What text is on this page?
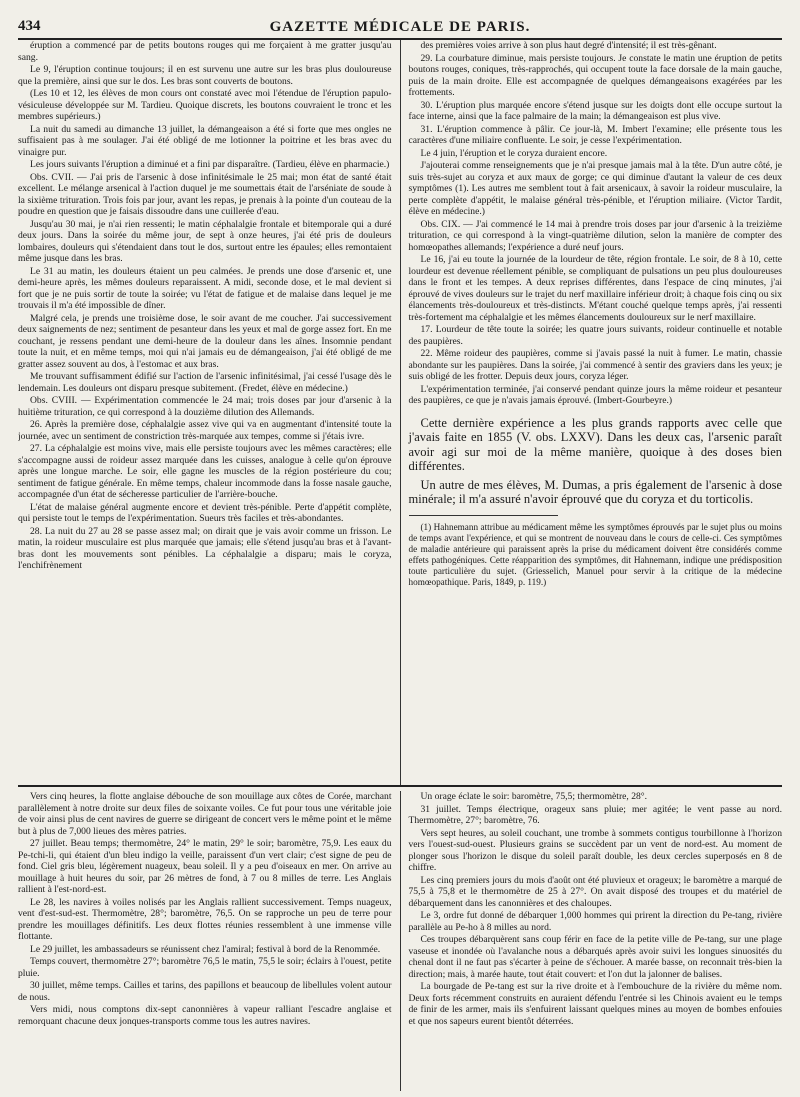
434	GAZETTE MÉDICALE DE PARIS.

éruption a commencé par de petits boutons rouges qui me forçaient à me gratter jusqu'au sang.

Le 9, l'éruption continue toujours; il en est survenu une autre sur les bras plus douloureuse que la première, ainsi que sur le dos. Les bras sont couverts de boutons.

(Les 10 et 12, les élèves de mon cours ont constaté avec moi l'étendue de l'éruption papulo-vésiculeuse développée sur M. Tardieu. Quoique discrets, les boutons couvraient le tronc et les membres supérieurs.)

La nuit du samedi au dimanche 13 juillet, la démangeaison a été si forte que mes ongles ne suffisaient pas à me soulager. J'ai été obligé de me lotionner la poitrine et les bras avec du vinaigre pur.

Les jours suivants l'éruption a diminué et a fini par disparaître. (Tardieu, élève en pharmacie.)

Obs. CVII. — J'ai pris de l'arsenic à dose infinitésimale le 25 mai; mon état de santé était excellent. Le mélange arsenical à l'action duquel je me soumettais était de l'arséniate de soude à la sixième trituration. Trois fois par jour, avant les repas, je prenais à la pointe d'un couteau de la poudre en question que je faisais dissoudre dans une cuillerée d'eau.

Jusqu'au 30 mai, je n'ai rien ressenti; le matin céphalalgie frontale et bitemporale qui a duré deux jours. Dans la soirée du même jour, de sept à onze heures, j'ai été pris de douleurs lombaires, douleurs qui s'étendaient dans tout le dos, surtout entre les épaules; elles remontaient même jusque dans les bras.

Le 31 au matin, les douleurs étaient un peu calmées. Je prends une dose d'arsenic et, une demi-heure après, les mêmes douleurs reparaissent. A midi, seconde dose, et le mal devient si fort que je ne puis sortir de toute la soirée; vu l'état de fatigue et de malaise dans lequel je me trouvais il m'a été impossible de dîner.

Malgré cela, je prends une troisième dose, le soir avant de me coucher. J'ai successivement deux saignements de nez; sentiment de pesanteur dans les yeux et mal de gorge assez fort. En me couchant, je ressens pendant une demi-heure de la douleur dans les aînes. Insomnie pendant toute la nuit, et en même temps, moi qui n'ai jamais eu de démangeaison, j'ai été obligé de me gratter assez souvent au dos, à l'estomac et aux bras.

Me trouvant suffisamment édifié sur l'action de l'arsenic infinitésimal, j'ai cessé l'usage dès le lendemain. Les douleurs ont disparu presque subitement. (Fredet, élève en médecine.)

Obs. CVIII. — Expérimentation commencée le 24 mai; trois doses par jour d'arsenic à la huitième trituration, ce qui correspond à la douzième dilution des Allemands.

26. Après la première dose, céphalalgie assez vive qui va en augmentant d'intensité toute la journée, avec un sentiment de constriction très-marquée aux tempes, comme si j'étais ivre.

27. La céphalalgie est moins vive, mais elle persiste toujours avec les mêmes caractères; elle s'accompagne aussi de roideur assez marquée dans les cuisses, analogue à celle qu'on éprouve après une longue marche. Le soir, elle gagne les muscles de la région postérieure du cou; sentiment de fatigue générale. En même temps, chaleur incommode dans la fosse nasale gauche, accompagnée d'un état de sécheresse particulier de l'arrière-bouche.

L'état de malaise général augmente encore et devient très-pénible. Perte d'appétit complète, qui persiste tout le temps de l'expérimentation. Sueurs très faciles et très-abondantes.

28. La nuit du 27 au 28 se passe assez mal; on dirait que je vais avoir comme un frisson. Le matin, la roideur musculaire est plus marquée que jamais; elle s'étend jusqu'au bras et à l'avant-bras dont les mouvements sont pénibles. La céphalalgie a disparu; mais le coryza, l'enchifrènement

des premières voies arrive à son plus haut degré d'intensité; il est très-gênant.

29. La courbature diminue, mais persiste toujours. Je constate le matin une éruption de petits boutons rouges, coniques, très-rapprochés, qui occupent toute la face dorsale de la main gauche, puis de la main droite. Elle est accompagnée de quelques démangeaisons exagérées par les frottements.

30. L'éruption plus marquée encore s'étend jusque sur les doigts dont elle occupe surtout la face interne, ainsi que la face palmaire de la main; la démangeaison est plus vive.

31. L'éruption commence à pâlir. Ce jour-là, M. Imbert l'examine; elle présente tous les caractères d'une miliaire confluente. Le soir, je cesse l'expérimentation.

Le 4 juin, l'éruption et le coryza duraient encore.

J'ajouterai comme renseignements que je n'ai presque jamais mal à la tête. D'un autre côté, je suis très-sujet au coryza et aux maux de gorge; ce qui diminue d'autant la valeur de ces deux symptômes (1). Les autres me semblent tout à fait arsenicaux, à savoir la roideur musculaire, la perte complète d'appétit, le malaise général très-pénible, et l'éruption miliaire. (Victor Tardit, élève en médecine.)

Obs. CIX. — J'ai commencé le 14 mai à prendre trois doses par jour d'arsenic à la treizième trituration, ce qui correspond à la vingt-quatrième dilution, selon la manière de compter des homœopathes allemands; l'expérience a duré neuf jours.

Le 16, j'ai eu toute la journée de la lourdeur de tête, région frontale. Le soir, de 8 à 10, cette lourdeur est devenue réellement pénible, se compliquant de pulsations un peu plus douloureuses dans le front et les tempes. A deux reprises différentes, dans l'espace de cinq minutes, j'ai éprouvé de vives douleurs sur le trajet du nerf maxillaire inférieur droit; à chaque fois cinq ou six élancements très-douloureux et très-distincts. M'étant couché quelque temps après, j'ai ressenti très-fortement ma céphalalgie et les mêmes élancements douloureux sur le nerf maxillaire.

17. Lourdeur de tête toute la soirée; les quatre jours suivants, roideur continuelle et notable des paupières.

22. Même roideur des paupières, comme si j'avais passé la nuit à fumer. Le matin, chassie abondante sur les paupières. Dans la soirée, j'ai commencé à sentir des graviers dans les yeux; je suis obligé de les frotter. Depuis deux jours, coryza léger.

L'expérimentation terminée, j'ai conservé pendant quinze jours la même roideur et pesanteur des paupières, ce que je n'avais jamais éprouvé. (Imbert-Gourbeyre.)

Cette dernière expérience a les plus grands rapports avec celle que j'avais faite en 1855 (V. obs. LXXV). Dans les deux cas, l'arsenic paraît avoir agi sur moi de la même manière, quoique à des doses bien différentes.

Un autre de mes élèves, M. Dumas, a pris également de l'arsenic à dose minérale; il m'a assuré n'avoir éprouvé que du coryza et du torticolis.

(1) Hahnemann attribue au médicament même les symptômes éprouvés par le sujet plus ou moins de temps avant l'expérience, et qui se montrent de nouveau dans le cours de celle-ci. Ces symptômes de maladie antérieure qui paraissent après la prise du médicament doivent être considérés comme effets pathogéniques. Cette réapparition des symptômes, dit Hahnemann, indique une prédisposition toute particulière du sujet. (Griesselich, Manuel pour servir à la critique de la médecine homœopathique. Paris, 1849, p. 119.)

Vers cinq heures, la flotte anglaise débouche de son mouillage aux côtes de Corée, marchant parallèlement à notre droite sur deux files de soixante voiles. Ce fut pour tous une véritable joie de voir ainsi plus de cent navires de guerre se dirigeant de concert vers le même point et le même but à plus de 7,000 lieues des mères patries.

27 juillet. Beau temps; thermomètre, 24° le matin, 29° le soir; baromètre, 75,9. Les eaux du Pe-tchi-li, qui étaient d'un bleu indigo la veille, paraissent d'un vert clair; c'est signe de peu de fond. Ciel gris bleu, légèrement nuageux, beau soleil. Il y a peu d'oiseaux en mer. On arrive au mouillage à huit heures du soir, par 26 mètres de fond, à 7 ou 8 milles de terre. Les Anglais rallient à l'est-nord-est.

Le 28, les navires à voiles nolisés par les Anglais rallient successivement. Temps nuageux, vent d'est-sud-est. Thermomètre, 28°; baromètre, 76,5. On se rapproche un peu de terre pour prendre les mouillages définitifs. Les deux flottes réunies ressemblent à une immense ville flottante.

Le 29 juillet, les ambassadeurs se réunissent chez l'amiral; festival à bord de la Renommée.

Temps couvert, thermomètre 27°; baromètre 76,5 le matin, 75,5 le soir; éclairs à l'ouest, petite pluie.

30 juillet, même temps. Cailles et tarins, des papillons et beaucoup de libellules volent autour de nous.

Vers midi, nous comptons dix-sept canonnières à vapeur ralliant l'escadre anglaise et remorquant chacune deux jonques-transports comme tous les autres navires.

Un orage éclate le soir: baromètre, 75,5; thermomètre, 28°.

31 juillet. Temps électrique, orageux sans pluie; mer agitée; le vent passe au nord. Thermomètre, 27°; baromètre, 76.

Vers sept heures, au soleil couchant, une trombe à sommets contigus tourbillonne à l'horizon vers l'ouest-sud-ouest. Plusieurs grains se succèdent par un vent de nord-est. Au moment de plonger sous l'horizon le disque du soleil paraît double, les deux cercles superposés en 8 de chiffre.

Les cinq premiers jours du mois d'août ont été pluvieux et orageux; le baromètre a marqué de 75,5 à 75,8 et le thermomètre de 25 à 27°. On avait disposé des troupes et du matériel de débarquement dans les canonnières et des chaloupes.

Le 3, ordre fut donné de débarquer 1,000 hommes qui prirent la direction du Pe-tang, rivière parallèle au Pe-ho à 8 milles au nord.

Ces troupes débarquèrent sans coup férir en face de la petite ville de Pe-tang, sur une plage vaseuse et inondée où l'avalanche nous a débarqués après avoir suivi les longues sinuosités du chenal dont il ne faut pas s'écarter à peine de s'échouer. A marée basse, on reconnait très-bien la direction; mais, à marée haute, tout était couvert: et l'on dut la jalonner de balises.

La bourgade de Pe-tang est sur la rive droite et à l'embouchure de la rivière du même nom. Deux forts récemment construits en auraient défendu l'entrée si les Chinois avaient eu le temps de finir de les armer, mais ils s'enfuirent laissant quelques mines au moyen de bombes enfouies et que nos sapeurs eurent bientôt déterrées.
